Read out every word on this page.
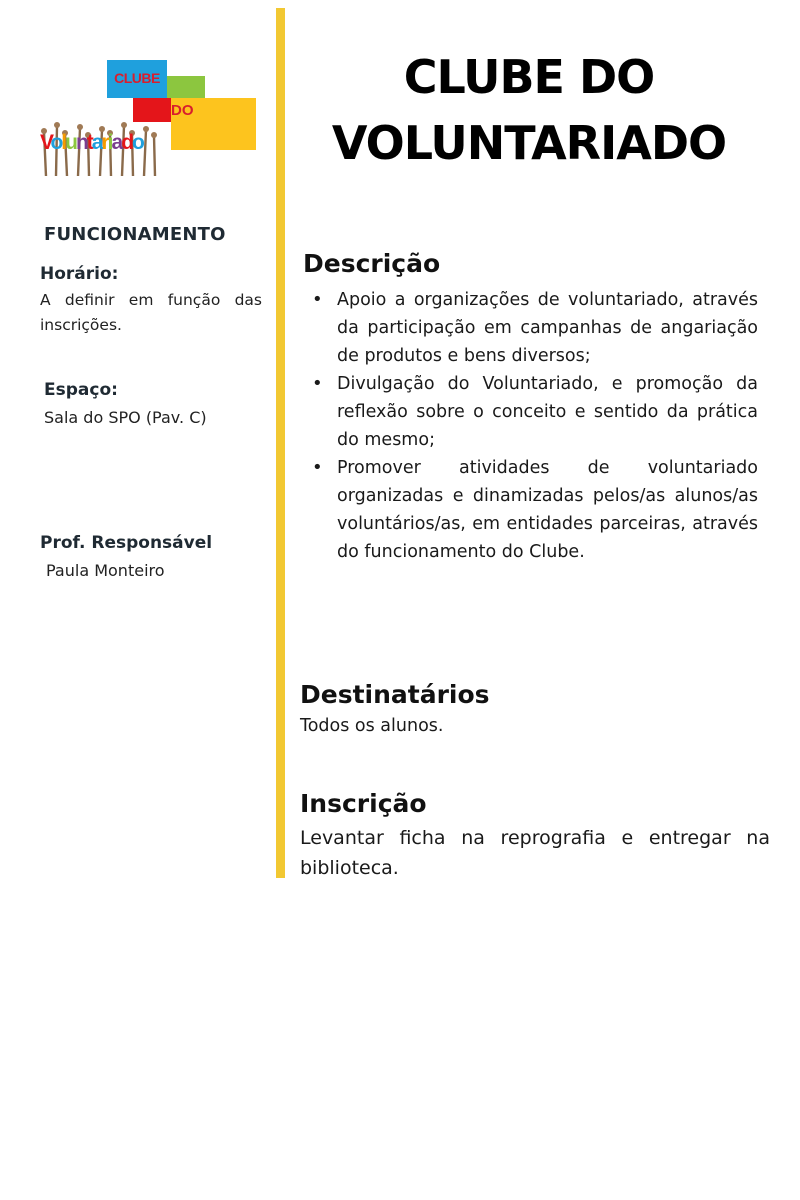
CLUBE
DO
Voluntariado
FUNCIONAMENTO
Horário:
A definir em função das inscrições.
Espaço:
Sala do SPO (Pav. C)
Prof. Responsável
Paula Monteiro
CLUBE DO
VOLUNTARIADO
Descrição
• Apoio a organizações de voluntariado, através da participação em campanhas de angariação de produtos e bens diversos;
• Divulgação do Voluntariado, e promoção da reflexão sobre o conceito e sentido da prática do mesmo;
• Promover atividades de voluntariado organizadas e dinamizadas pelos/as alunos/as voluntários/as, em entidades parceiras, através do funcionamento do Clube.
Destinatários
Todos os alunos.
Inscrição
Levantar ficha na reprografia e entregar na biblioteca.
